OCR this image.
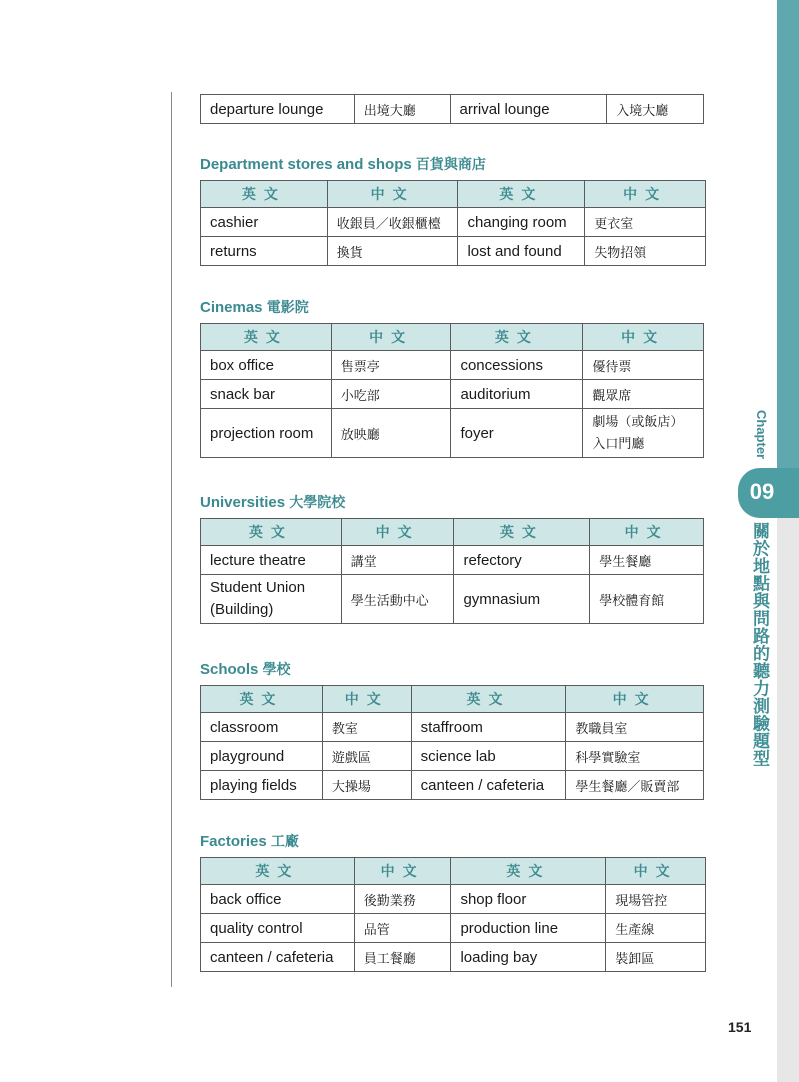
departure lounge	出境大廳	arrival lounge	入境大廳
Department stores and shops 百貨與商店
英文	中文	英文	中文
cashier	收銀員／收銀櫃檯	changing room	更衣室
returns	換貨	lost and found	失物招領
Cinemas 電影院
英文	中文	英文	中文
box office	售票亭	concessions	優待票
snack bar	小吃部	auditorium	觀眾席
projection room	放映廳	foyer	劇場（或飯店）入口門廳
Universities 大學院校
英文	中文	英文	中文
lecture theatre	講堂	refectory	學生餐廳
Student Union (Building)	學生活動中心	gymnasium	學校體育館
Schools 學校
英文	中文	英文	中文
classroom	教室	staffroom	教職員室
playground	遊戲區	science lab	科學實驗室
playing fields	大操場	canteen / cafeteria	學生餐廳／販賣部
Factories 工廠
英文	中文	英文	中文
back office	後勤業務	shop floor	現場管控
quality control	品管	production line	生產線
canteen / cafeteria	員工餐廳	loading bay	裝卸區
Chapter
09
關於地點與問路的聽力測驗題型
151
